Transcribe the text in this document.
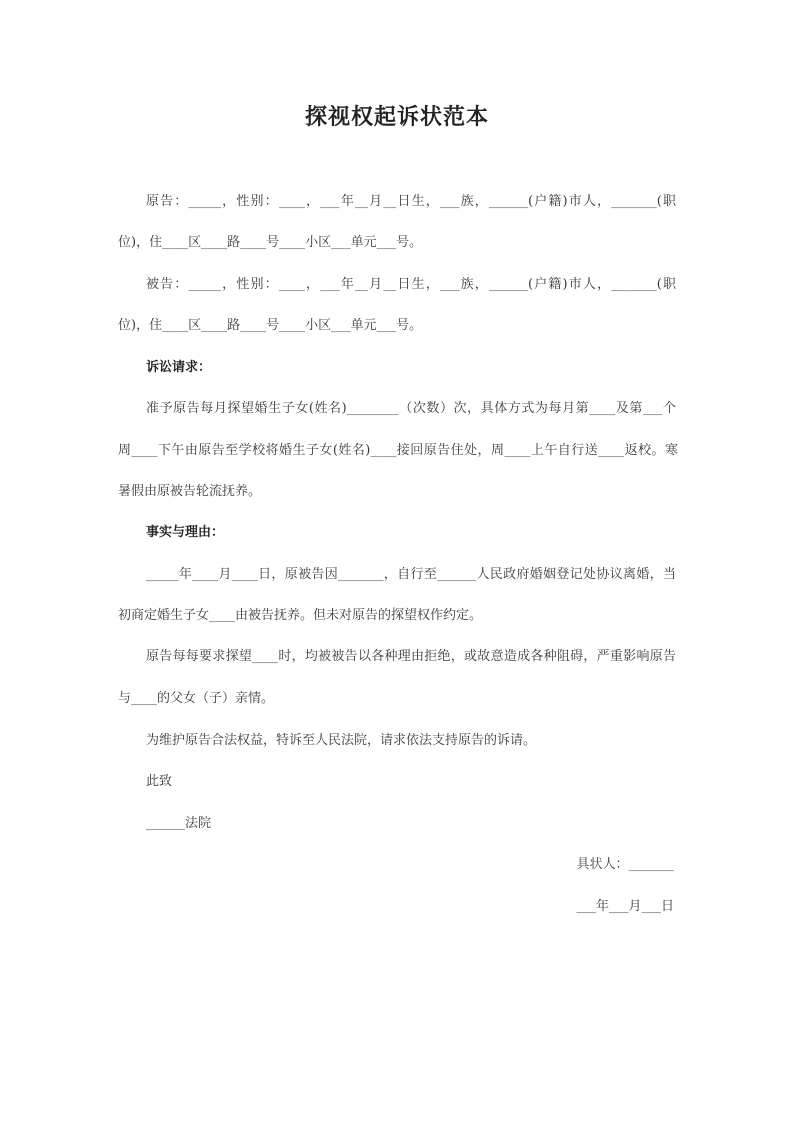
探视权起诉状范本
原告：_____，性别：____，___年__月__日生，___族，______(户籍)市人，_______(职
位)，住____区____路____号____小区___单元___号。
被告：_____，性别：____，___年__月__日生，___族，______(户籍)市人，_______(职
位)，住____区____路____号____小区___单元___号。
诉讼请求：
准予原告每月探望婚生子女(姓名)________（次数）次，具体方式为每月第____及第___个
周____下午由原告至学校将婚生子女(姓名)____接回原告住处，周____上午自行送____返校。寒
暑假由原被告轮流抚养。
事实与理由：
_____年____月____日，原被告因_______，自行至______人民政府婚姻登记处协议离婚，当
初商定婚生子女____由被告抚养。但未对原告的探望权作约定。
原告每每要求探望____时，均被被告以各种理由拒绝，或故意造成各种阻碍，严重影响原告
与____的父女（子）亲情。
为维护原告合法权益，特诉至人民法院，请求依法支持原告的诉请。
此致
______法院
具状人：_______
___年___月___日
